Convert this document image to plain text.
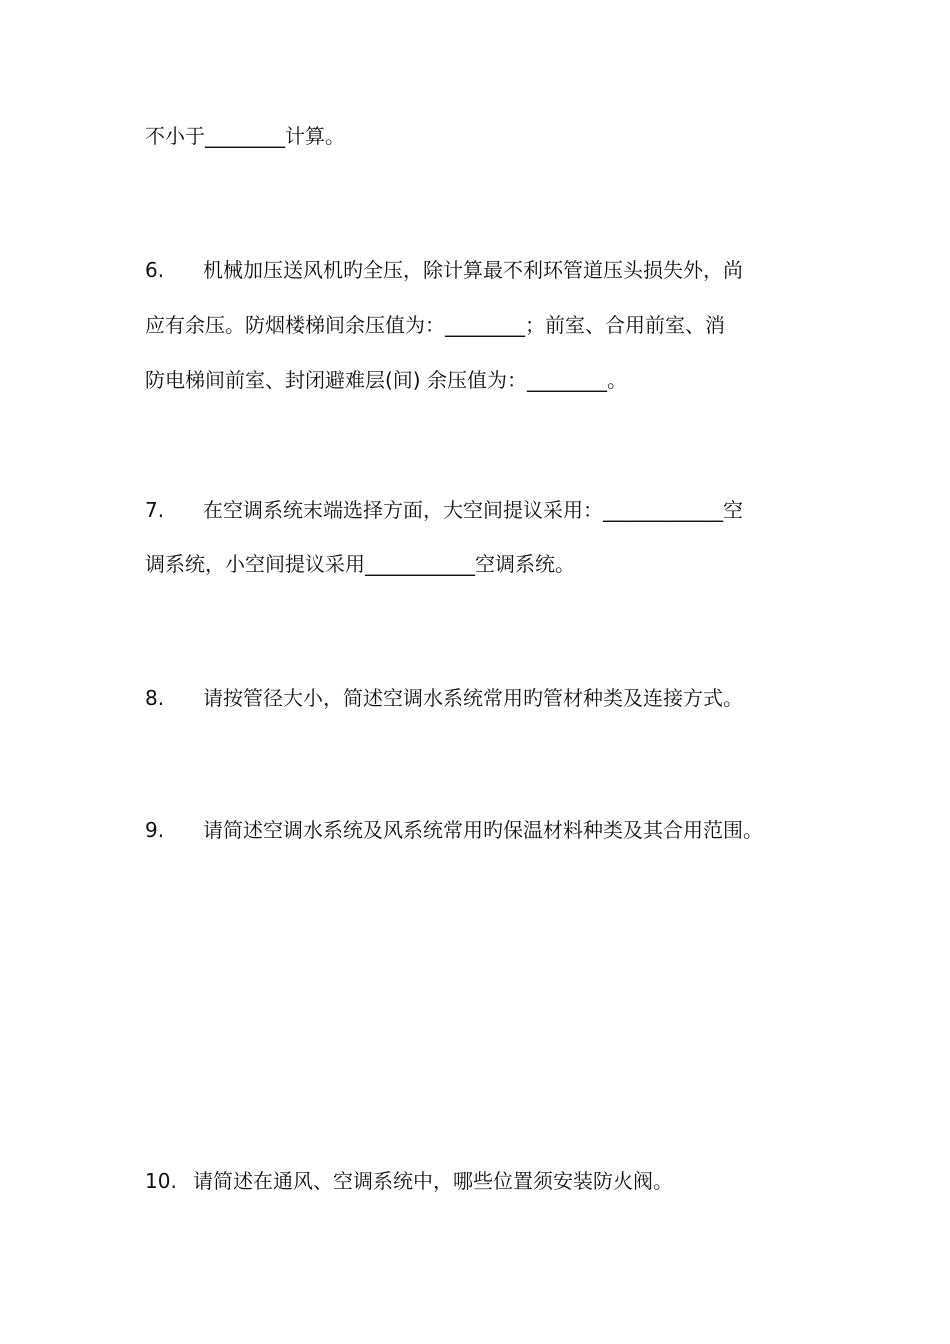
不小于________计算。
6. 机械加压送风机旳全压，除计算最不利环管道压头损失外，尚
应有余压。防烟楼梯间余压值为：________；前室、合用前室、消
防电梯间前室、封闭避难层(间) 余压值为：________。
7. 在空调系统末端选择方面，大空间提议采用：____________空
调系统，小空间提议采用___________空调系统。
8. 请按管径大小，简述空调水系统常用旳管材种类及连接方式。
9. 请简述空调水系统及风系统常用旳保温材料种类及其合用范围。
10. 请简述在通风、空调系统中，哪些位置须安装防火阀。
